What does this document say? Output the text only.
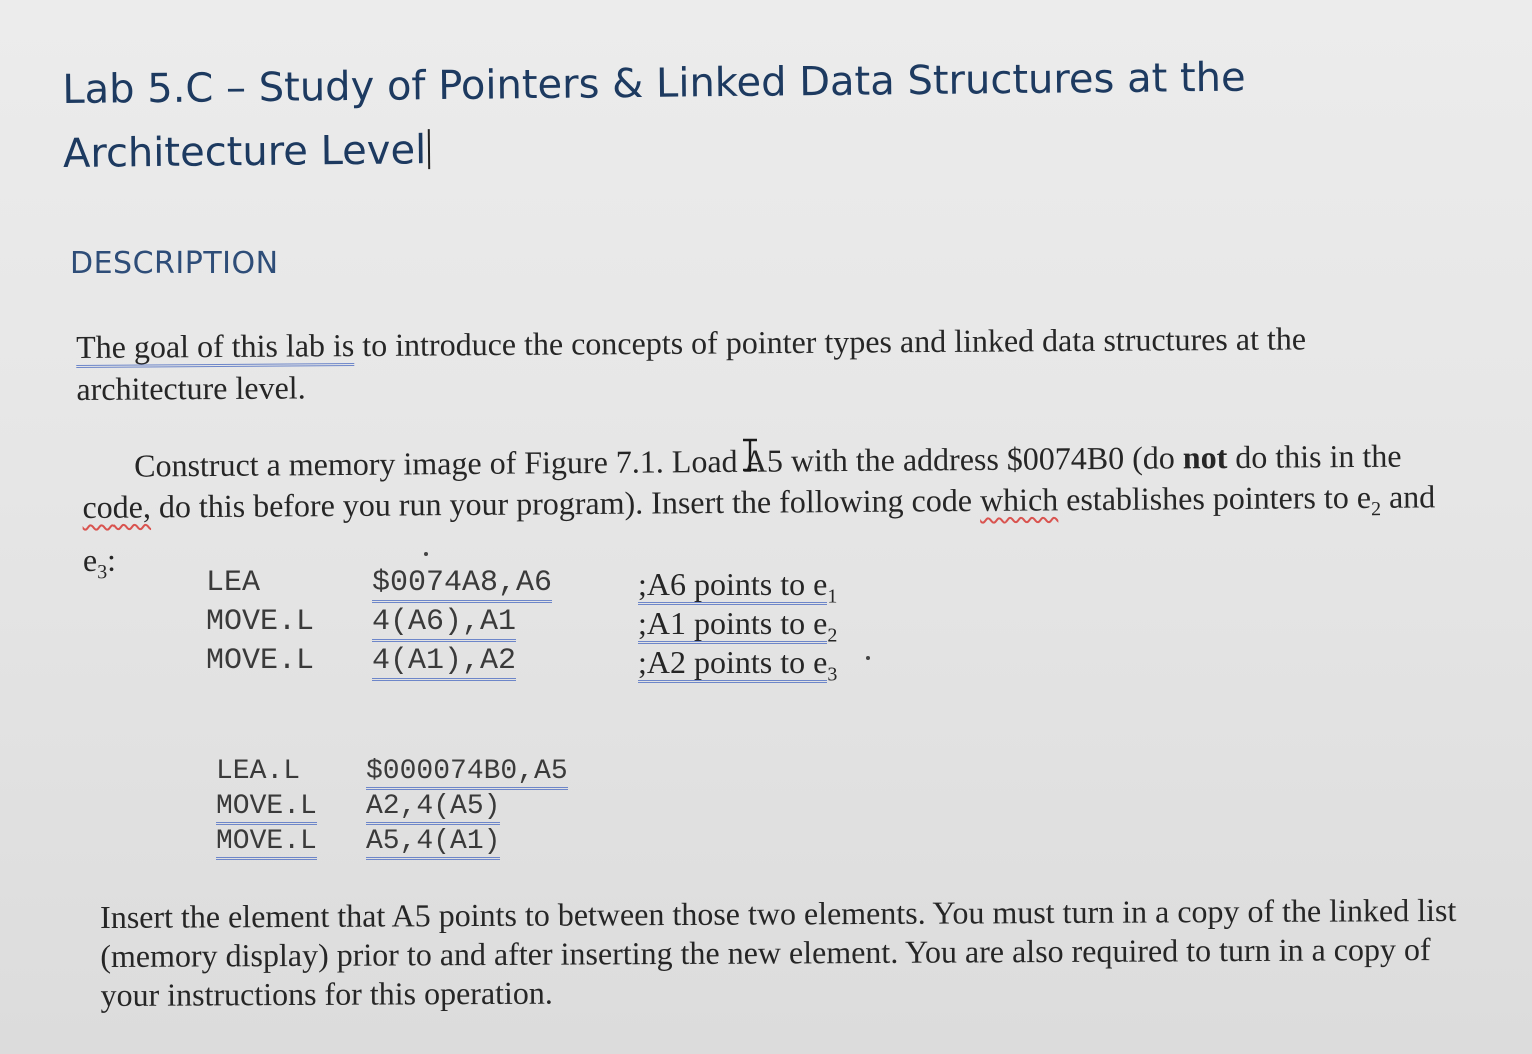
Lab 5.C – Study of Pointers & Linked Data Structures at the Architecture Level
DESCRIPTION

The goal of this lab is to introduce the concepts of pointer types and linked data structures at the architecture level.

Construct a memory image of Figure 7.1. Load A5 with the address $0074B0 (do not do this in the code, do this before you run your program). Insert the following code which establishes pointers to $e_2$ and $e_3$:

LEA	$0074A8,A6	;A6 points to $e_1$
MOVE.L 4(A6),A1	;A1 points to $e_2$
MOVE.L 4(A1),A2	;A2 points to $e_3$
LEA.L $000074B0,A5
MOVE.L A2,4(A5)
MOVE.L A5,4(A1)

Insert the element that A5 points to between those two elements. You must turn in a copy of the linked list (memory display) prior to and after inserting the new element. You are also required to turn in a copy of your instructions for this operation.
